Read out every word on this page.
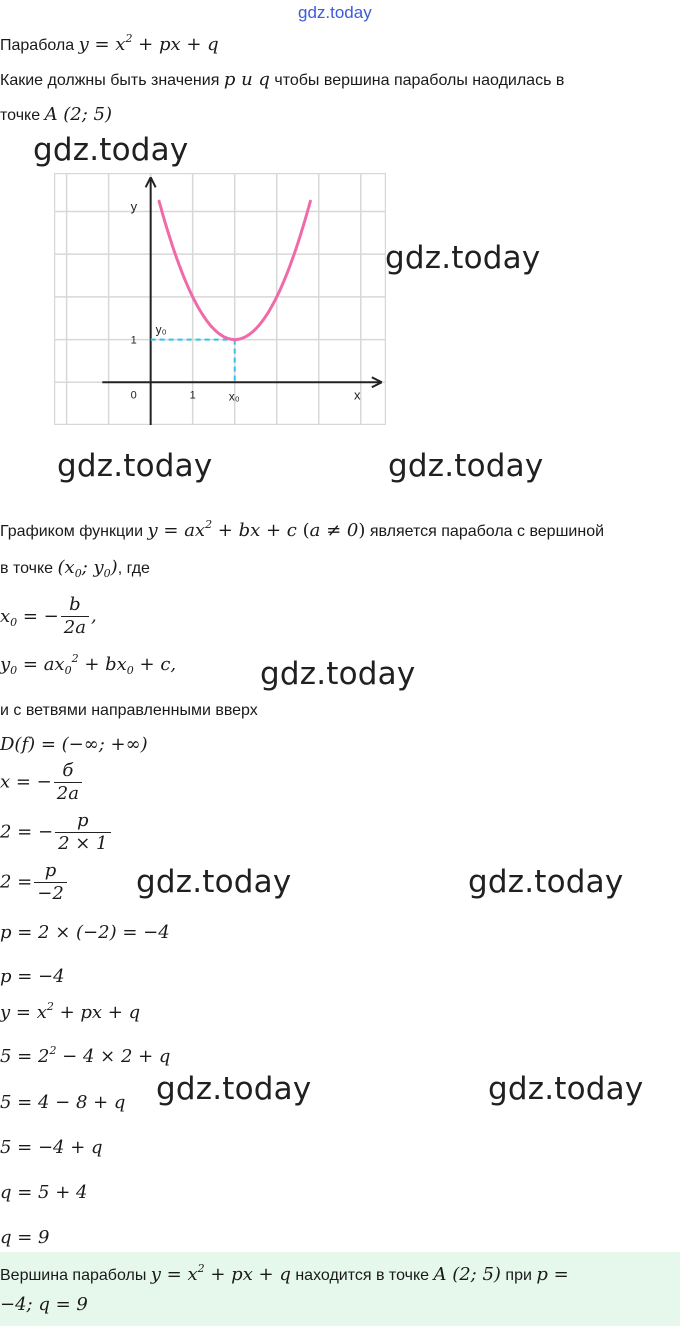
gdz.today
Парабола $y = x^2$ + px + q
Какие должны быть значения p и q чтобы вершина параболы наодилась в
точке A (2; 5)
y
x
0	1
1
x₀
y₀
Графиком функции $y = ax^2$ + bx + c (a ≠ 0) является парабола с вершиной
в точке ($x_0$; $y_0$), где
$x_0$ = − $\frac{b}{2a}$ ,
$y_0 = ax_0^2 + bx_0 + c$,
и с ветвями направленными вверх
D(f) = (−∞; +∞)
x = − $\frac{б}{2a}$
2 = − $\frac{p}{2 \times 1}$
$2 = \frac{p}{-2}$
p = 2 × (−2) = −4
p = −4
$y = x^2$ + px + q
$5 = 2^2 - 4 \times 2 + q$
5 = 4 − 8 + q
5 = −4 + q
q = 5 + 4
q = 9
Вершина параболы $y = x^2$ + px + q находится в точке A (2; 5) при p =
−4; q = 9
gdz.today
gdz.today
gdz.today	gdz.today
gdz.today
gdz.today	gdz.today
gdz.today	gdz.today
